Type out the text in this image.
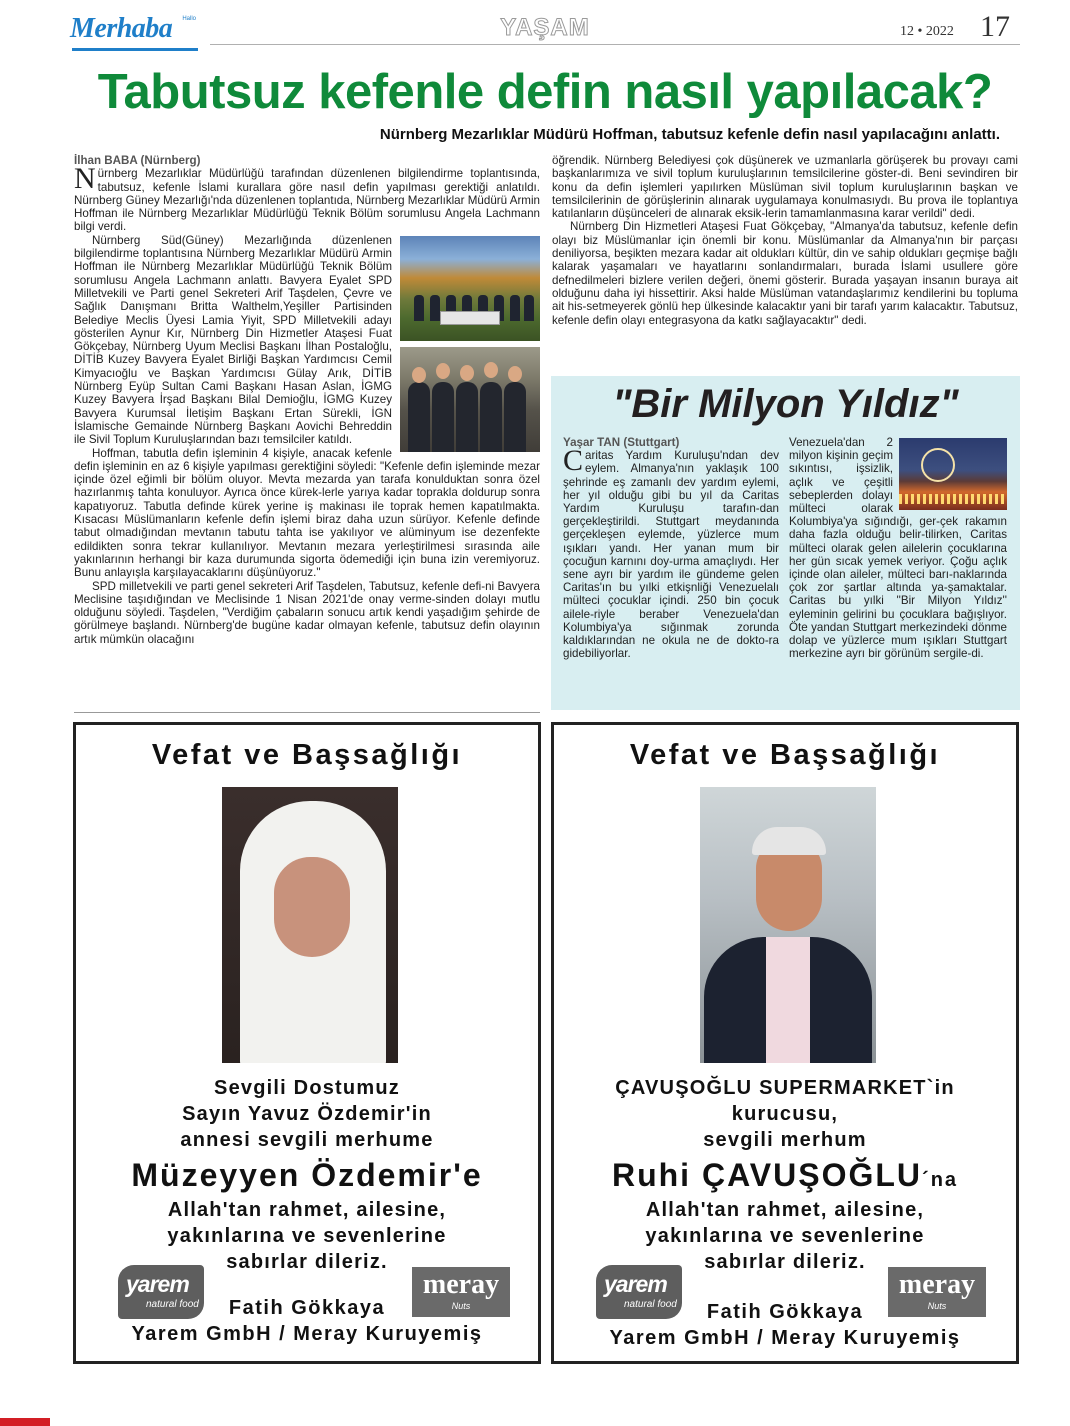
Merhaba	Hallo	YAŞAM	12 • 2022 17
Tabutsuz kefenle defin nasıl yapılacak?
Nürnberg Mezarlıklar Müdürü Hoffman, tabutsuz kefenle defin nasıl yapılacağını anlattı.

İlhan BABA (Nürnberg)

Nürnberg Mezarlıklar Müdürlüğü tarafından düzenlenen bilgilendirme toplantısında, tabutsuz, kefenle İslami kurallara göre nasıl defin yapılması gerektiği anlatıldı. Nürnberg Güney Mezarlığı'nda düzenlenen toplantıda, Nürnberg Mezarlıklar Müdürü Armin Hoffman ile Nürnberg Mezarlıklar Müdürlüğü Teknik Bölüm sorumlusu Angela Lachmann bilgi verdi.

Nürnberg Süd(Güney) Mezarlığında düzenlenen bilgilendirme toplantısına Nürnberg Mezarlıklar Müdürü Armin Hoffman ile Nürnberg Mezarlıklar Müdürlüğü Teknik Bölüm sorumlusu Angela Lachmann anlattı. Bavyera Eyalet SPD Milletvekili ve Parti genel Sekreteri Arif Taşdelen, Çevre ve Sağlık Danışmanı Britta Walthelm,Yeşiller Partisinden Belediye Meclis Üyesi Lamia Yiyit, SPD Milletvekili adayı gösterilen Aynur Kır, Nürnberg Din Hizmetler Ataşesi Fuat Gökçebay, Nürnberg Uyum Meclisi Başkanı İlhan Postaloğlu, DİTİB Kuzey Bavyera Eyalet Birliği Başkan Yardımcısı Cemil Kimyacıoğlu ve Başkan Yardımcısı Gülay Arık, DİTİB Nürnberg Eyüp Sultan Cami Başkanı Hasan Aslan, İGMG Kuzey Bavyera İrşad Başkanı Bilal Demioğlu, İGMG Kuzey Bavyera Kurumsal İletişim Başkanı Ertan Sürekli, İGN İslamische Gemainde Nürnberg Başkanı Aovichi Behreddin ile Sivil Toplum Kuruluşlarından bazı temsilciler katıldı.

Hoffman, tabutla defin işleminin 4 kişiyle, anacak kefenle defin işleminin en az 6 kişiyle yapılması gerektiğini söyledi: "Kefenle defin işleminde mezar içinde özel eğimli bir bölüm oluyor. Mevta mezarda yan tarafa konulduktan sonra özel hazırlanmış tahta konuluyor. Ayrıca önce kürek-lerle yarıya kadar toprakla doldurup sonra kapatıyoruz. Tabutla definde kürek yerine iş makinası ile toprak hemen kapatılmakta. Kısacası Müslümanların kefenle defin işlemi biraz daha uzun sürüyor. Kefenle definde tabut olmadığından mevtanın tabutu tahta ise yakılıyor ve alüminyum ise dezenfekte edildikten sonra tekrar kullanılıyor. Mevtanın mezara yerleştirilmesi sırasında aile yakınlarının herhangi bir kaza durumunda sigorta ödemediği için buna izin veremiyoruz. Bunu anlayışla karşılayacaklarını düşünüyoruz."

SPD milletvekili ve parti genel sekreteri Arif Taşdelen, Tabutsuz, kefenle defi-ni Bavyera Meclisine taşıdığından ve Meclisinde 1 Nisan 2021'de onay verme-sinden dolayı mutlu olduğunu söyledi. Taşdelen, "Verdiğim çabaların sonucu artık kendi yaşadığım şehirde de görülmeye başlandı. Nürnberg'de bugüne kadar olmayan kefenle, tabutsuz defin olayının artık mümkün olacağını

öğrendik. Nürnberg Belediyesi çok düşünerek ve uzmanlarla görüşerek bu provayı cami başkanlarımıza ve sivil toplum kuruluşlarının temsilcilerine göster-di. Beni sevindiren bir konu da defin işlemleri yapılırken Müslüman sivil toplum kuruluşlarının başkan ve temsilcilerinin de görüşlerinin alınarak uygulamaya konulmasıydı. Bu prova ile toplantıya katılanların düşünceleri de alınarak eksik-lerin tamamlanmasına karar verildi" dedi.

Nürnberg Din Hizmetleri Ataşesi Fuat Gökçebay, "Almanya'da tabutsuz, kefenle defin olayı biz Müslümanlar için önemli bir konu. Müslümanlar da Almanya'nın bir parçası deniliyorsa, beşikten mezara kadar ait oldukları kültür, din ve sahip oldukları geçmişe bağlı kalarak yaşamaları ve hayatlarını sonlandırmaları, burada İslami usullere göre defnedilmeleri bizlere verilen değeri, önemi gösterir. Burada yaşayan insanın buraya ait olduğunu daha iyi hissettirir. Aksi halde Müslüman vatandaşlarımız kendilerini bu topluma ait his-setmeyerek gönlü hep ülkesinde kalacaktır yani bir tarafı yarım kalacaktır. Tabutsuz, kefenle defin olayı entegrasyona da katkı sağlayacaktır" dedi.

"Bir Milyon Yıldız"

Yaşar TAN (Stuttgart)

Caritas Yardım Kuruluşu'ndan dev eylem. Almanya'nın yaklaşık 100 şehrinde eş zamanlı dev yardım eylemi, her yıl olduğu gibi bu yıl da Caritas Yardım Kuruluşu tarafın-dan gerçekleştirildi. Stuttgart meydanında gerçekleşen eylemde, yüzlerce mum ışıkları yandı. Her yanan mum bir çocuğun karnını doy-urma amaçlıydı. Her sene ayrı bir yardım ile gündeme gelen Caritas'ın bu yılki etkişnliği Venezuelalı mülteci çocuklar içindi. 250 bin çocuk ailele-riyle beraber Venezuela'dan Kolumbiya'ya sığınmak zorunda kaldıklarından ne okula ne de dokto-ra gidebiliyorlar.

Venezuela'dan 2 milyon kişinin geçim sıkıntısı, işsizlik, açlık ve çeşitli sebeplerden dolayı mülteci olarak Kolumbiya'ya sığındığı, ger-çek rakamın daha fazla olduğu belir-tilirken, Caritas mülteci olarak gelen ailelerin çocuklarına her gün sıcak yemek veriyor. Çoğu açlık içinde olan aileler, mülteci barı-naklarında çok zor şartlar altında ya-şamaktalar. Caritas bu yılki ''Bir Milyon Yıldız'' eyleminin gelirini bu çocuklara bağışlıyor. Öte yandan Stuttgart merkezindeki dönme dolap ve yüzlerce mum ışıkları Stuttgart merkezine ayrı bir görünüm sergile-di.

Vefat ve Başsağlığı
Sevgili Dostumuz
Sayın Yavuz Özdemir'in
annesi sevgili merhume
Müzeyyen Özdemir'e
Allah'tan rahmet, ailesine,
yakınlarına ve sevenlerine
sabırlar dileriz.
yarem
natural food
meray
Nuts
Fatih Gökkaya
Yarem GmbH / Meray Kuruyemiş
Vefat ve Başsağlığı
ÇAVUŞOĞLU SUPERMARKET`in
kurucusu,
sevgili merhum
Ruhi ÇAVUŞOĞLU´na
Allah'tan rahmet, ailesine,
yakınlarına ve sevenlerine
sabırlar dileriz.
yarem
natural food
meray
Nuts
Fatih Gökkaya
Yarem GmbH / Meray Kuruyemiş
